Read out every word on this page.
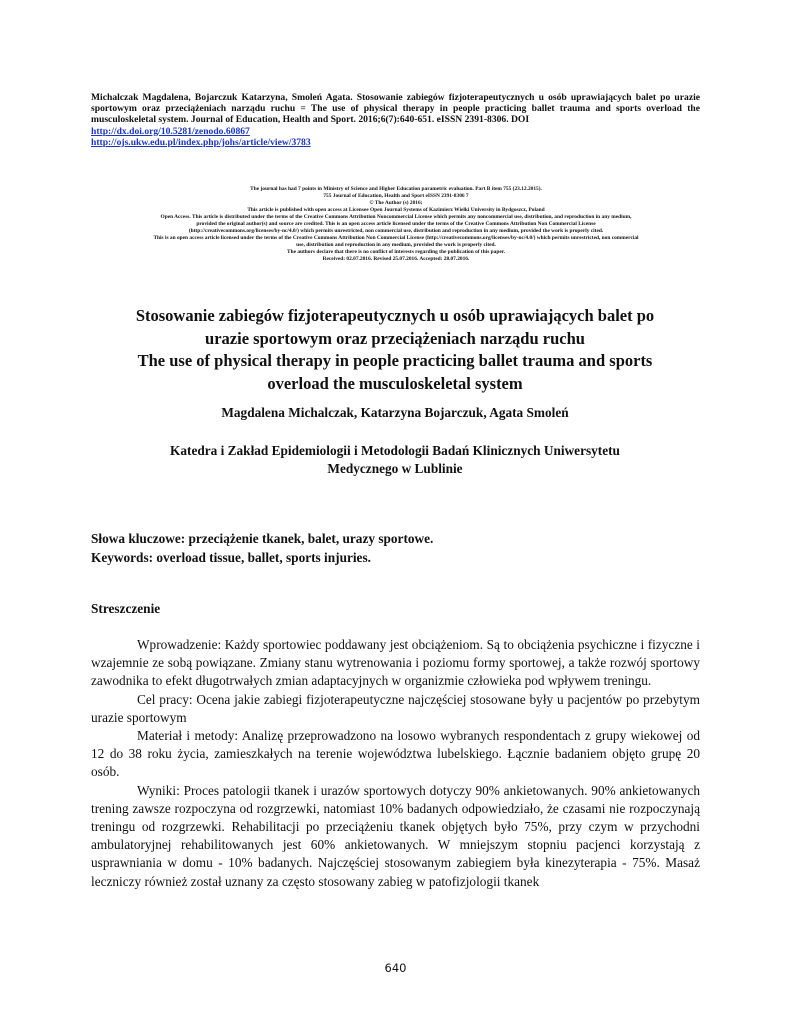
Michalczak Magdalena, Bojarczuk Katarzyna, Smoleń Agata. Stosowanie zabiegów fizjoterapeutycznych u osób uprawiających balet po urazie sportowym oraz przeciążeniach narządu ruchu = The use of physical therapy in people practicing ballet trauma and sports overload the musculoskeletal system. Journal of Education, Health and Sport. 2016;6(7):640-651. eISSN 2391-8306. DOI
http://dx.doi.org/10.5281/zenodo.60867
http://ojs.ukw.edu.pl/index.php/johs/article/view/3783
The journal has had 7 points in Ministry of Science and Higher Education parametric evaluation. Part B item 755 (23.12.2015).
755 Journal of Education, Health and Sport eISSN 2391-8306 7
© The Author (s) 2016;
This article is published with open access at Licensee Open Journal Systems of Kazimierz Wielki University in Bydgoszcz, Poland
Open Access. This article is distributed under the terms of the Creative Commons Attribution Noncommercial License which permits any noncommercial use, distribution, and reproduction in any medium,
provided the original author(s) and source are credited. This is an open access article licensed under the terms of the Creative Commons Attribution Non Commercial License
(http://creativecommons.org/licenses/by-nc/4.0/) which permits unrestricted, non commercial use, distribution and reproduction in any medium, provided the work is properly cited.
This is an open access article licensed under the terms of the Creative Commons Attribution Non Commercial License (http://creativecommons.org/licenses/by-nc/4.0/) which permits unrestricted, non commercial
use, distribution and reproduction in any medium, provided the work is properly cited.
The authors declare that there is no conflict of interests regarding the publication of this paper.
Received: 02.07.2016. Revised 25.07.2016. Accepted: 28.07.2016.
Stosowanie zabiegów fizjoterapeutycznych u osób uprawiających balet po
urazie sportowym oraz przeciążeniach narządu ruchu
The use of physical therapy in people practicing ballet trauma and sports
overload the musculoskeletal system
Magdalena Michalczak, Katarzyna Bojarczuk, Agata Smoleń
Katedra i Zakład Epidemiologii i Metodologii Badań Klinicznych Uniwersytetu
Medycznego w Lublinie
Słowa kluczowe: przeciążenie tkanek, balet, urazy sportowe.
Keywords: overload tissue, ballet, sports injuries.
Streszczenie

Wprowadzenie: Każdy sportowiec poddawany jest obciążeniom. Są to obciążenia psychiczne i fizyczne i wzajemnie ze sobą powiązane. Zmiany stanu wytrenowania i poziomu formy sportowej, a także rozwój sportowy zawodnika to efekt długotrwałych zmian adaptacyjnych w organizmie człowieka pod wpływem treningu.

Cel pracy: Ocena jakie zabiegi fizjoterapeutyczne najczęściej stosowane były u pacjentów po przebytym urazie sportowym

Materiał i metody: Analizę przeprowadzono na losowo wybranych respondentach z grupy wiekowej od 12 do 38 roku życia, zamieszkałych na terenie województwa lubelskiego. Łącznie badaniem objęto grupę 20 osób.

Wyniki: Proces patologii tkanek i urazów sportowych dotyczy 90% ankietowanych. 90% ankietowanych trening zawsze rozpoczyna od rozgrzewki, natomiast 10% badanych odpowiedziało, że czasami nie rozpoczynają treningu od rozgrzewki. Rehabilitacji po przeciążeniu tkanek objętych było 75%, przy czym w przychodni ambulatoryjnej rehabilitowanych jest 60% ankietowanych. W mniejszym stopniu pacjenci korzystają z usprawniania w domu - 10% badanych. Najczęściej stosowanym zabiegiem była kinezyterapia - 75%. Masaż leczniczy również został uznany za często stosowany zabieg w patofizjologii tkanek

640
